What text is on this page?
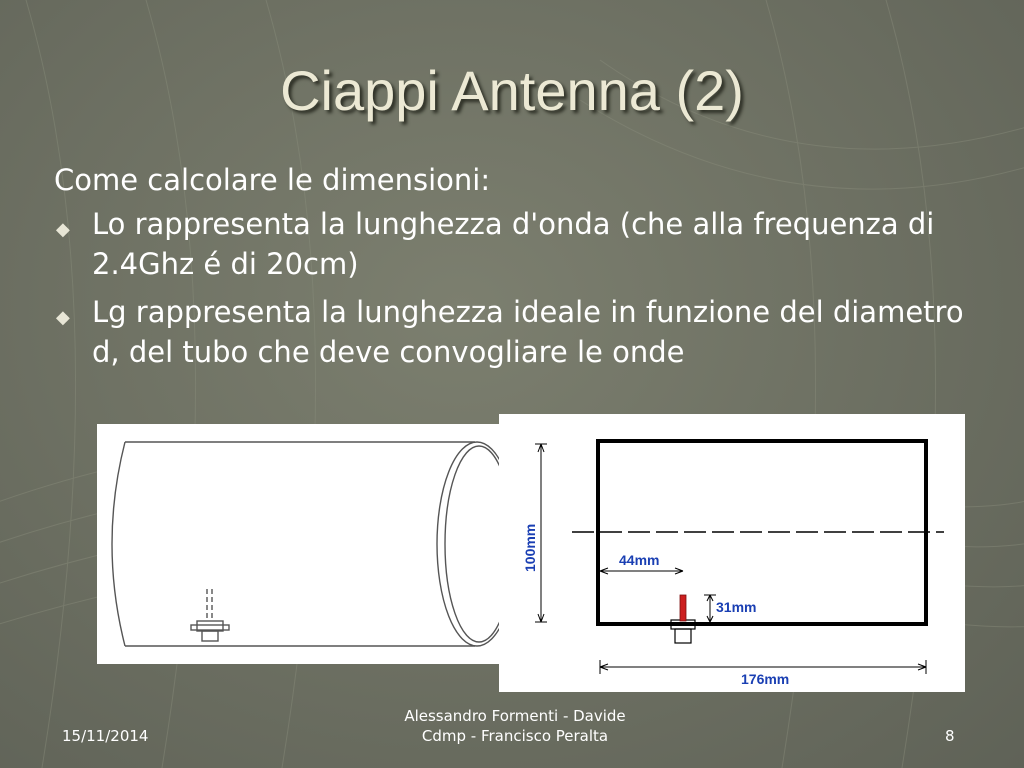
Ciappi Antenna (2)

Come calcolare le dimensioni:

◆ Lo rappresenta la lunghezza d'onda (che alla frequenza di 2.4Ghz é di 20cm)
◆ Lg rappresenta la lunghezza ideale in funzione del diametro d, del tubo che deve convogliare le onde
100mm	44mm
31mm
176mm
15/11/2014
Alessandro Formenti - Davide
Cdmp - Francisco Peralta	8
